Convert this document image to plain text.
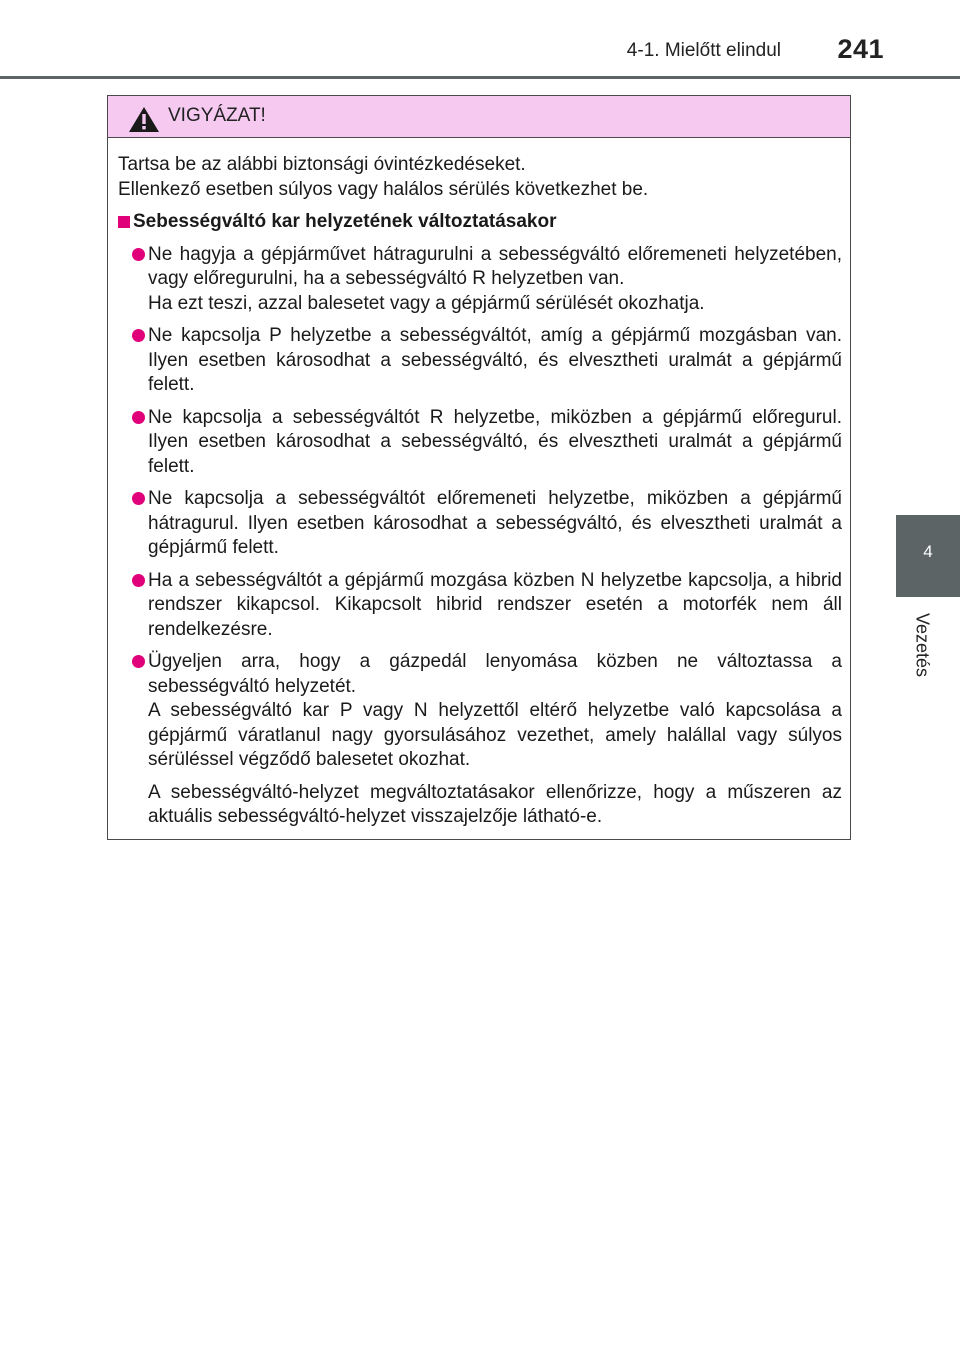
4-1. Mielőtt elindul 241
4
Vezetés
VIGYÁZAT!

Tartsa be az alábbi biztonsági óvintézkedéseket.

Ellenkező esetben súlyos vagy halálos sérülés következhet be.

Sebességváltó kar helyzetének változtatásakor

Ne hagyja a gépjárművet hátragurulni a sebességváltó előremeneti helyzetében, vagy előregurulni, ha a sebességváltó R helyzetben van.

Ha ezt teszi, azzal balesetet vagy a gépjármű sérülését okozhatja.

Ne kapcsolja P helyzetbe a sebességváltót, amíg a gépjármű mozgásban van. Ilyen esetben károsodhat a sebességváltó, és elvesztheti uralmát a gépjármű felett.

Ne kapcsolja a sebességváltót R helyzetbe, miközben a gépjármű előregurul. Ilyen esetben károsodhat a sebességváltó, és elvesztheti uralmát a gépjármű felett.

Ne kapcsolja a sebességváltót előremeneti helyzetbe, miközben a gépjármű hátragurul. Ilyen esetben károsodhat a sebességváltó, és elvesztheti uralmát a gépjármű felett.

Ha a sebességváltót a gépjármű mozgása közben N helyzetbe kapcsolja, a hibrid rendszer kikapcsol. Kikapcsolt hibrid rendszer esetén a motorfék nem áll rendelkezésre.

Ügyeljen arra, hogy a gázpedál lenyomása közben ne változtassa a sebességváltó helyzetét.

A sebességváltó kar P vagy N helyzettől eltérő helyzetbe való kapcsolása a gépjármű váratlanul nagy gyorsulásához vezethet, amely halállal vagy súlyos sérüléssel végződő balesetet okozhat.

A sebességváltó-helyzet megváltoztatásakor ellenőrizze, hogy a műszeren az aktuális sebességváltó-helyzet visszajelzője látható-e.
